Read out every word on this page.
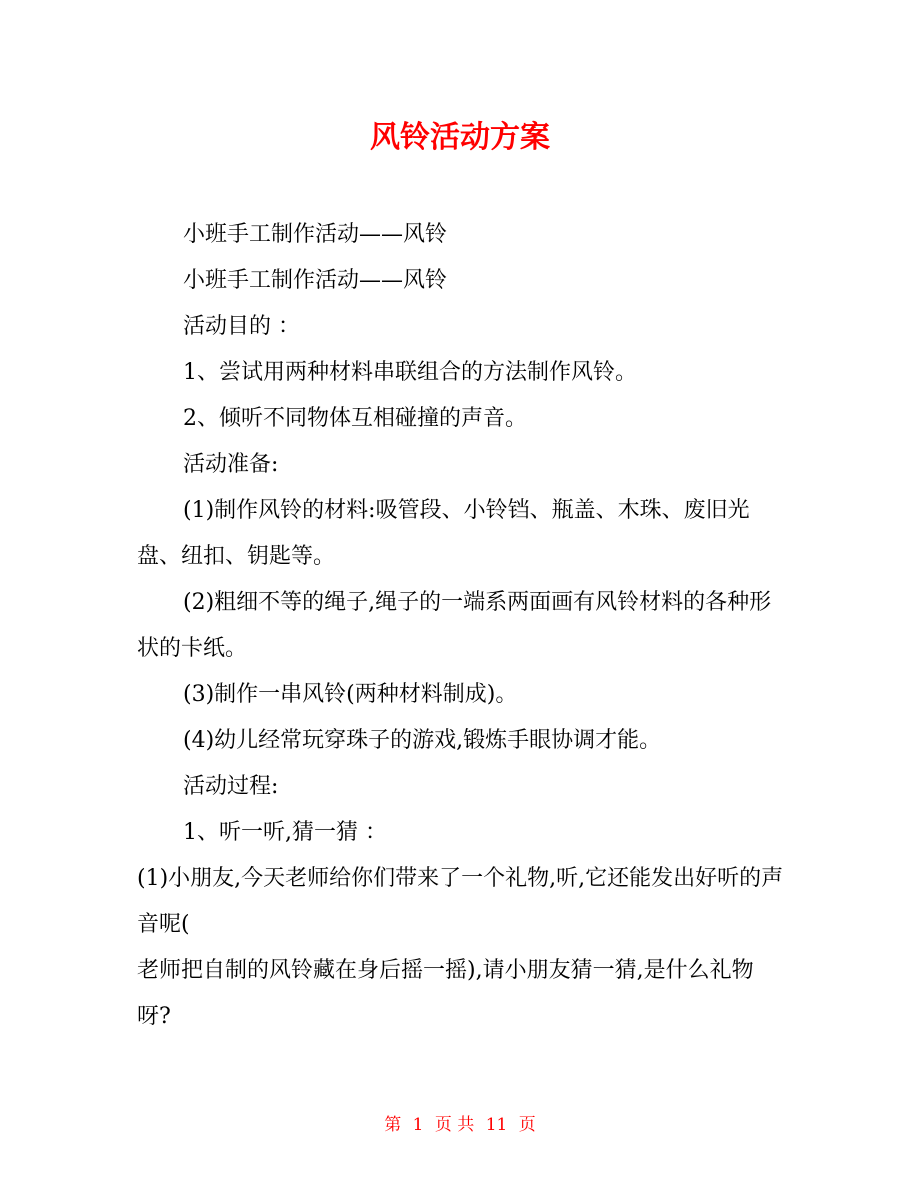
风铃活动方案

小班手工制作活动——风铃

小班手工制作活动——风铃

活动目的 ：

1、尝试用两种材料串联组合的方法制作风铃。

2、倾听不同物体互相碰撞的声音。

活动准备:

(1)制作风铃的材料:吸管段、小铃铛、瓶盖、木珠、废旧光盘、纽扣、钥匙等。

(2)粗细不等的绳子,绳子的一端系两面画有风铃材料的各种形状的卡纸。

(3)制作一串风铃(两种材料制成)。

(4)幼儿经常玩穿珠子的游戏,锻炼手眼协调才能。

活动过程:

1、听一听,猜一猜 ：

(1)小朋友,今天老师给你们带来了一个礼物,听,它还能发出好听的声音呢(

老师把自制的风铃藏在身后摇一摇),请小朋友猜一猜,是什么礼物呀?

第 1 页 共 11 页
